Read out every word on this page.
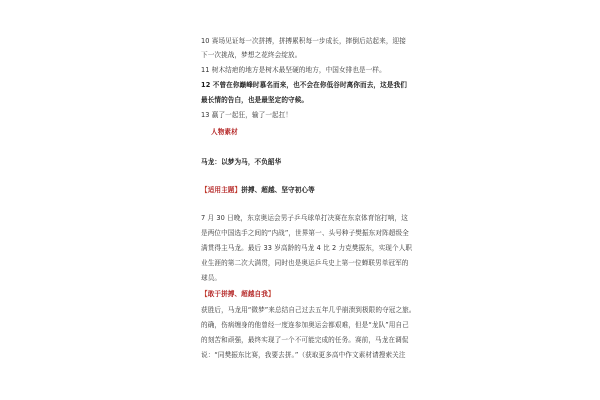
10 赛场见证每一次拼搏，拼搏累积每一步成长，摔倒后站起来，迎接
下一次挑战，梦想之花终会绽放。
11 树木结疤的地方是树木最坚硬的地方，中国女排也是一样。
12 不曾在你巅峰时慕名而来，也不会在你低谷时离你而去，这是我们
最长情的告白，也是最坚定的守候。
13 赢了一起狂，输了一起扛！
人物素材
马龙：以梦为马，不负韶华
【适用主题】拼搏、超越、坚守初心等
7 月 30 日晚，东京奥运会男子乒乓球单打决赛在东京体育馆打响，这
是两位中国选手之间的“内战”，世界第一、头号种子樊振东对阵超级全
满贯得主马龙。最后 33 岁高龄的马龙 4 比 2 力克樊振东，实现个人职
业生涯的第二次大满贯，同时也是奥运乒乓史上第一位蝉联男单冠军的
球员。
【敢于拼搏、超越自我】
获胜后，马龙用“微梦”来总结自己过去五年几乎崩溃到极限的夺冠之旅。
的确，伤病缠身的他曾经一度连参加奥运会都艰难，但是“龙队”用自己
的刻苦和顽强，最终实现了一个不可能完成的任务。赛前，马龙在调侃
说：“同樊振东比赛，我要去拼。”（获取更多高中作文素材请搜索关注
